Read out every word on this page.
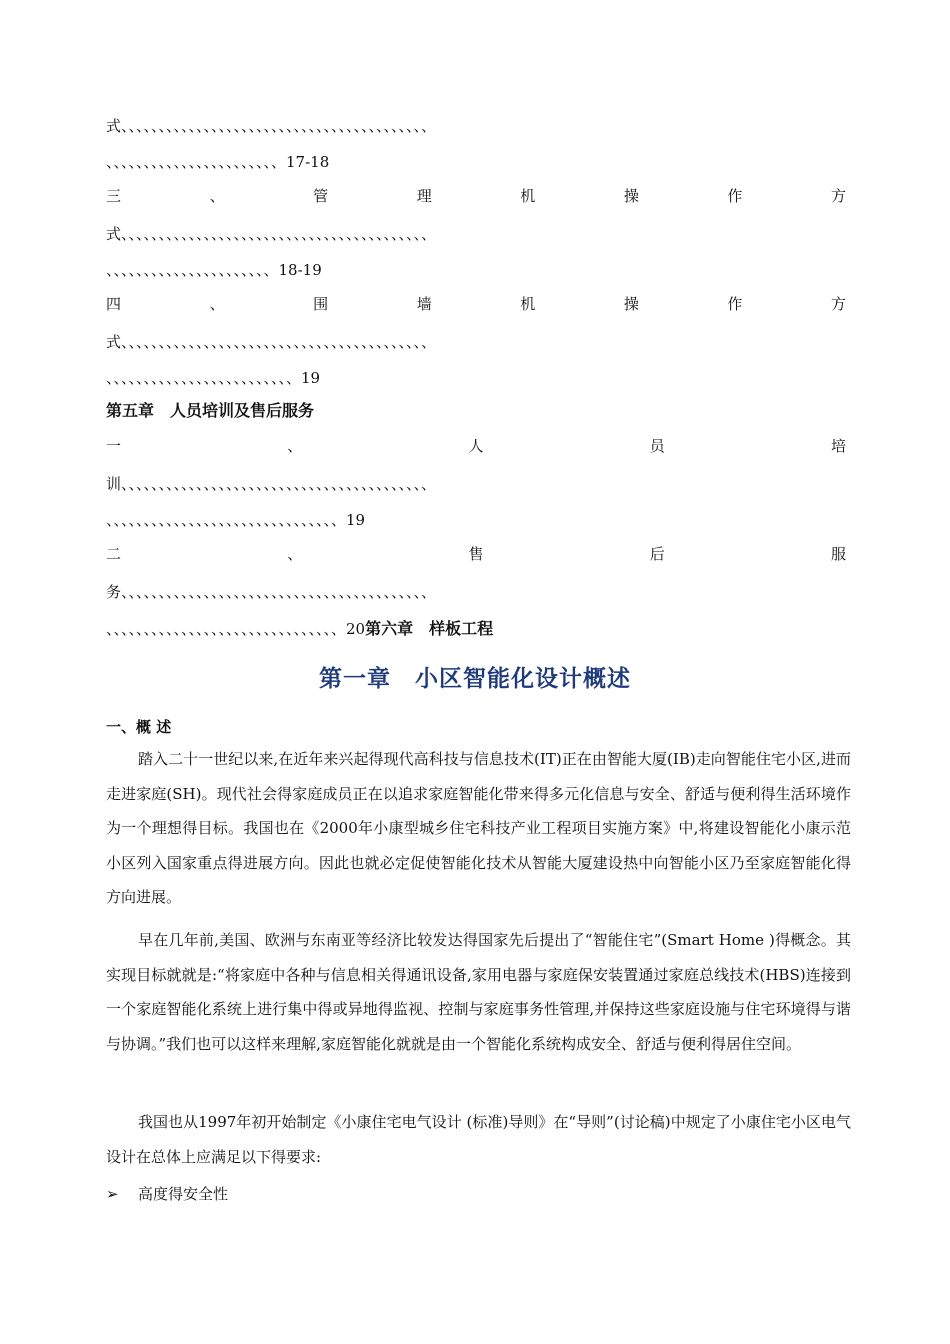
式、、、、、、、、、、、、、、、、、、、、、、、、、、、、、、、、、、、、、、、、、
、、、、、、、、、、、、、、、、、、、、、、、17-18
三	、	管	理	机	操	作	方
式、、、、、、、、、、、、、、、、、、、、、、、、、、、、、、、、、、、、、、、、、
、、、、、、、、、、、、、、、、、、、、、、18-19
四	、	围	墙	机	操	作	方
式、、、、、、、、、、、、、、、、、、、、、、、、、、、、、、、、、、、、、、、、、
、、、、、、、、、、、、、、、、、、、、、、、、、19
第五章　人员培训及售后服务
一	、	人	员	培
训、、、、、、、、、、、、、、、、、、、、、、、、、、、、、、、、、、、、、、、、、
、、、、、、、、、、、、、、、、、、、、、、、、、、、、、、、19
二	、	售	后	服
务、、、、、、、、、、、、、、、、、、、、、、、、、、、、、、、、、、、、、、、、、
、、、、、、、、、、、、、、、、、、、、、、、、、、、、、、、20第六章　样板工程
第一章　小区智能化设计概述
一、概 述

踏入二十一世纪以来,在近年来兴起得现代高科技与信息技术(IT)正在由智能大厦(IB)走向智能住宅小区,进而走进家庭(SH)。现代社会得家庭成员正在以追求家庭智能化带来得多元化信息与安全、舒适与便利得生活环境作为一个理想得目标。我国也在《2000年小康型城乡住宅科技产业工程项目实施方案》中,将建设智能化小康示范小区列入国家重点得进展方向。因此也就必定促使智能化技术从智能大厦建设热中向智能小区乃至家庭智能化得方向进展。

早在几年前,美国、欧洲与东南亚等经济比较发达得国家先后提出了“智能住宅”(Smart Home )得概念。其实现目标就就是:“将家庭中各种与信息相关得通讯设备,家用电器与家庭保安装置通过家庭总线技术(HBS)连接到一个家庭智能化系统上进行集中得或异地得监视、控制与家庭事务性管理,并保持这些家庭设施与住宅环境得与谐与协调。”我们也可以这样来理解,家庭智能化就就是由一个智能化系统构成安全、舒适与便利得居住空间。

我国也从1997年初开始制定《小康住宅电气设计 (标准)导则》在“导则”(讨论稿)中规定了小康住宅小区电气设计在总体上应满足以下得要求:

➢ 高度得安全性
